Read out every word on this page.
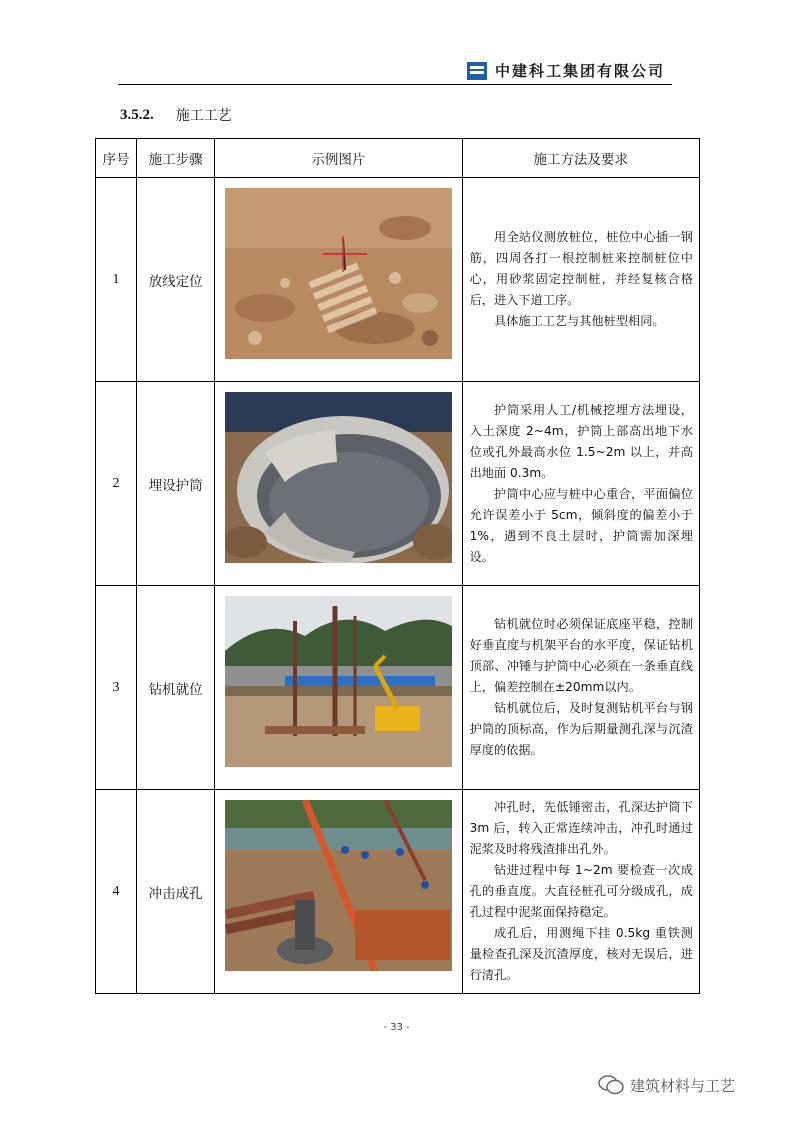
中建科工集团有限公司
3.5.2. 施工工艺
序号	施工步骤	示例图片	施工方法及要求
1	放线定位		用全站仪测放桩位，桩位中心插一钢筋，四周各打一根控制桩来控制桩位中心，用砂浆固定控制桩，并经复核合格后，进入下道工序。

具体施工工艺与其他桩型相同。

2	埋设护筒		护筒采用人工/机械挖埋方法埋设，入土深度 2~4m，护筒上部高出地下水位或孔外最高水位 1.5~2m 以上，并高出地面 0.3m。

护筒中心应与桩中心重合，平面偏位允许误差小于 5cm，倾斜度的偏差小于 1%，遇到不良土层时，护筒需加深埋设。

3	钻机就位		钻机就位时必须保证底座平稳，控制好垂直度与机架平台的水平度，保证钻机顶部、冲锤与护筒中心必须在一条垂直线上，偏差控制在±20mm以内。

钻机就位后，及时复测钻机平台与钢护筒的顶标高，作为后期量测孔深与沉渣厚度的依据。

4	冲击成孔		冲孔时，先低锤密击，孔深达护筒下 3m 后，转入正常连续冲击，冲孔时通过泥浆及时将残渣排出孔外。

钻进过程中每 1~2m 要检查一次成孔的垂直度。大直径桩孔可分级成孔，成孔过程中泥浆面保持稳定。

成孔后，用测绳下挂 0.5kg 重铁测量检查孔深及沉渣厚度，核对无误后，进行清孔。

- 33 -
建筑材料与工艺
